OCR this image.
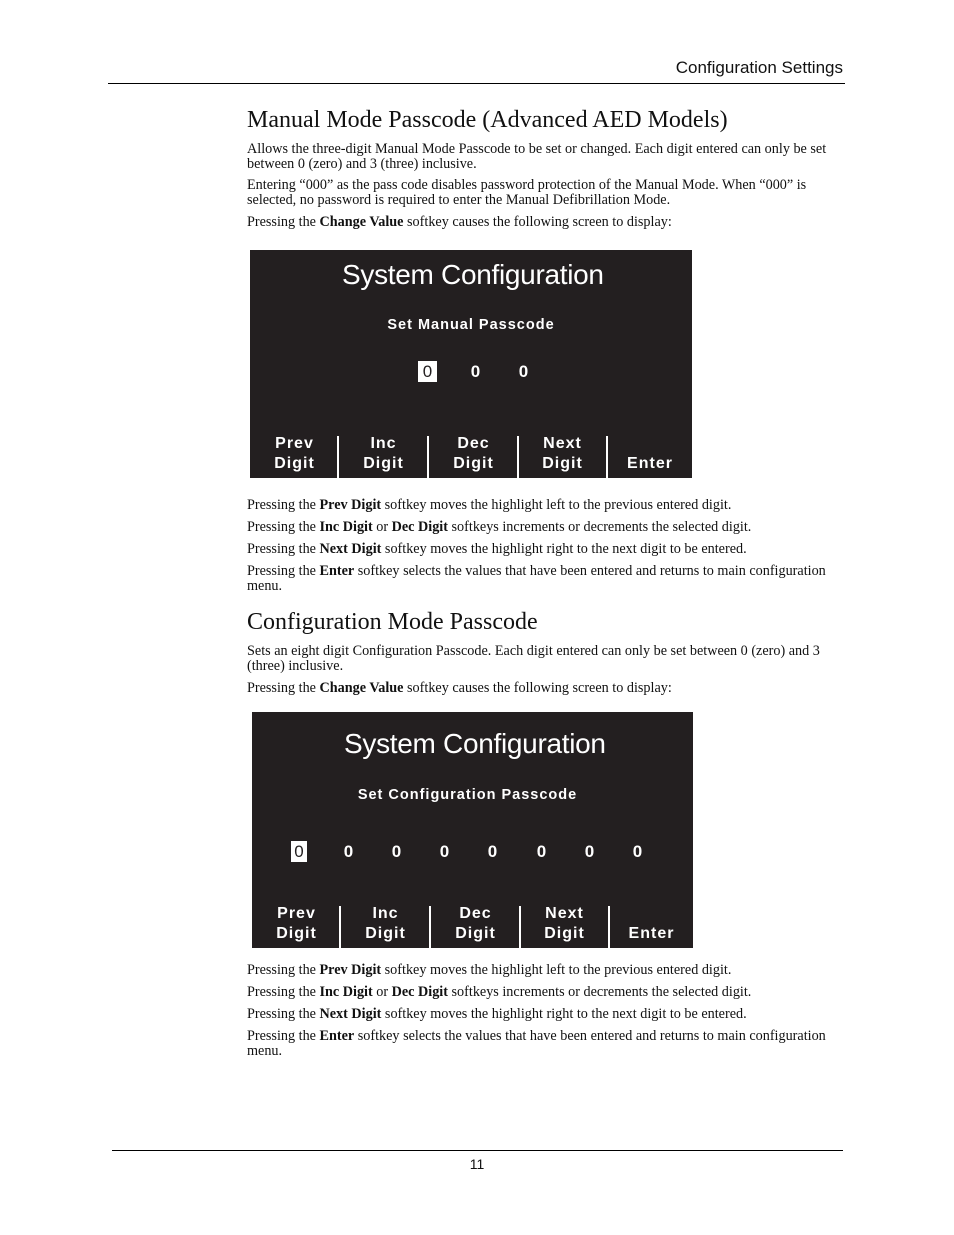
Configuration Settings
Manual Mode Passcode (Advanced AED Models)

Allows the three-digit Manual Mode Passcode to be set or changed. Each digit entered can only be set between 0 (zero) and 3 (three) inclusive.

Entering “000” as the pass code disables password protection of the Manual Mode. When “000” is selected, no password is required to enter the Manual Defibrillation Mode.

Pressing the Change Value softkey causes the following screen to display:

System Configuration
Set Manual Passcode
0 0 0
Prev
Digit
Inc
Digit
Dec
Digit
Next
Digit
	Enter

Pressing the Prev Digit softkey moves the highlight left to the previous entered digit.

Pressing the Inc Digit or Dec Digit softkeys increments or decrements the selected digit.

Pressing the Next Digit softkey moves the highlight right to the next digit to be entered.

Pressing the Enter softkey selects the values that have been entered and returns to main configuration menu.

Configuration Mode Passcode

Sets an eight digit Configuration Passcode. Each digit entered can only be set between 0 (zero) and 3 (three) inclusive.

Pressing the Change Value softkey causes the following screen to display:

System Configuration
Set Configuration Passcode
0 0 0 0 0 0 0 0
Prev
Digit
Inc
Digit
Dec
Digit
Next
Digit
	Enter

Pressing the Prev Digit softkey moves the highlight left to the previous entered digit.

Pressing the Inc Digit or Dec Digit softkeys increments or decrements the selected digit.

Pressing the Next Digit softkey moves the highlight right to the next digit to be entered.

Pressing the Enter softkey selects the values that have been entered and returns to main configuration menu.

11
